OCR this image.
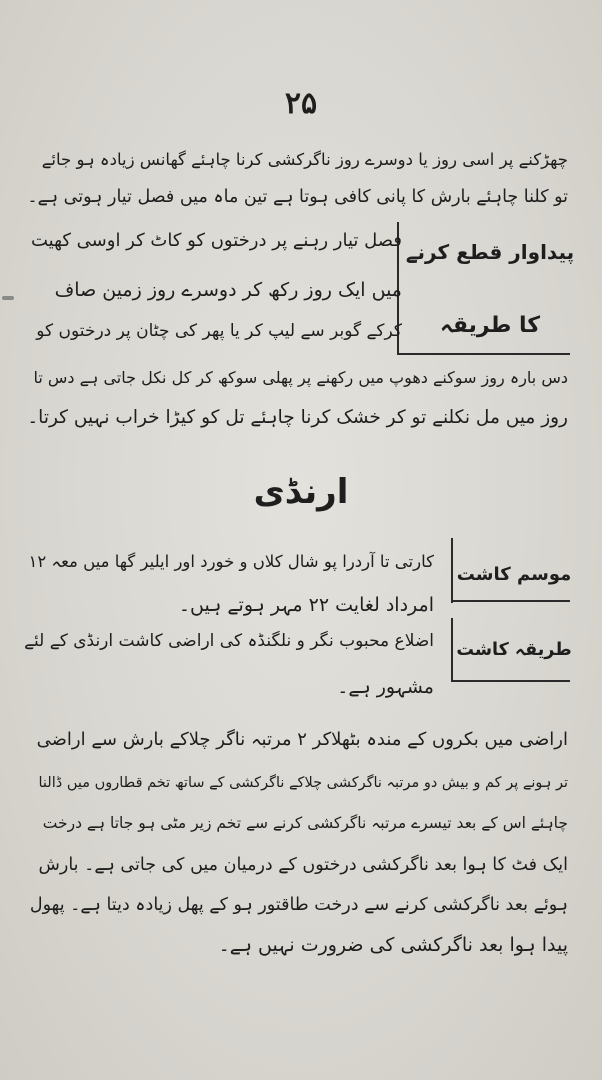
۲۵
چھڑکنے پر اسی روز یا دوسرے روز ناگرکشی کرنا چاہئے گھانس زیادہ ہو جائے
تو کلنا چاہئے بارش کا پانی کافی ہوتا ہے تین ماہ میں فصل تیار ہوتی ہے۔
پیداوار قطع کرنے
کا طریقہ
فصل تیار رہنے پر درختوں کو کاٹ کر اوسی کھیت
میں ایک روز رکھ کر دوسرے روز زمین صاف
کرکے گوبر سے لیپ کر یا پھر کی چٹان پر درختوں کو
دس بارہ روز سوکنے دھوپ میں رکھنے پر پھلی سوکھ کر کل نکل جاتی ہے دس تا
روز میں مل نکلنے تو کر خشک کرنا چاہئے تل کو کیڑا خراب نہیں کرتا۔
ارنڈی
موسم کاشت
کارتی تا آردرا پو شال کلاں و خورد اور ایلیر گھا میں معہ ۱۲
امرداد لغایت ۲۲ مہر ہوتے ہیں۔
طریقہ کاشت
اضلاع محبوب نگر و نلگنڈہ کی اراضی کاشت ارنڈی کے لئے
مشہور ہے۔
اراضی میں بکروں کے مندہ بٹھلاکر ۲ مرتبہ ناگر چلاکے بارش سے اراضی
تر ہونے پر کم و بیش دو مرتبہ ناگرکشی چلاکے ناگرکشی کے ساتھ تخم قطاروں میں ڈالنا
چاہئے اس کے بعد تیسرے مرتبہ ناگرکشی کرنے سے تخم زیر مٹی ہو جاتا ہے درخت
ایک فٹ کا ہوا بعد ناگرکشی درختوں کے درمیان میں کی جاتی ہے۔ بارش
ہوئے بعد ناگرکشی کرنے سے درخت طاقتور ہو کے پھل زیادہ دیتا ہے۔ پھول
پیدا ہوا بعد ناگرکشی کی ضرورت نہیں ہے۔
